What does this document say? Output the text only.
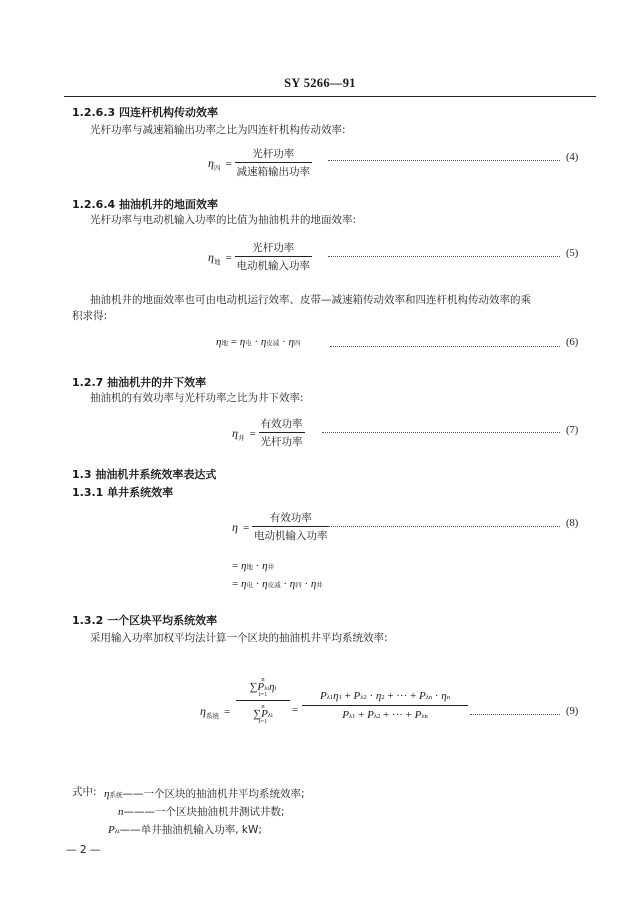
SY 5266—91
1.2.6.3 四连杆机构传动效率
光杆功率与减速箱输出功率之比为四连杆机构传动效率:
$\eta_四 = \frac{\text{光杆功率}}{\text{减速箱输出功率}}$	(4)
1.2.6.4 抽油机井的地面效率
光杆功率与电动机输入功率的比值为抽油机井的地面效率:
$\eta_地 = \frac{\text{光杆功率}}{\text{电动机输入功率}}$	(5)
抽油机井的地面效率也可由电动机运行效率、皮带—减速箱传动效率和四连杆机构传动效率的乘
积求得:
η地 = η电 · η皮减 · η四	(6)
1.2.7 抽油机井的井下效率
抽油机的有效功率与光杆功率之比为井下效率:
$\eta_井 = \frac{\text{有效功率}}{\text{光杆功率}}$	(7)
1.3 抽油机井系统效率表达式
1.3.1 单井系统效率
$\eta = \frac{\text{有效功率}}{\text{电动机输入功率}}$	(8)
= η地 · η井
= η电 · η皮减 · η四 · η井
1.3.2 一个区块平均系统效率
采用输入功率加权平均法计算一个区块的抽油机井平均系统效率:
$\eta_{系统}$ =
n
∑Pλiηi
i=1
n
∑Pλi
i=1
=
Pλ1η1 + Pλ2 · η2 + ··· + Pλn · ηn
Pλ1 + Pλ2 + ··· + Pλn	(9)
式中: η系统——一个区块的抽油机井平均系统效率;
n———一个区块抽油机井测试井数;
Pλi——单井抽油机输入功率, kW;
— 2 —
